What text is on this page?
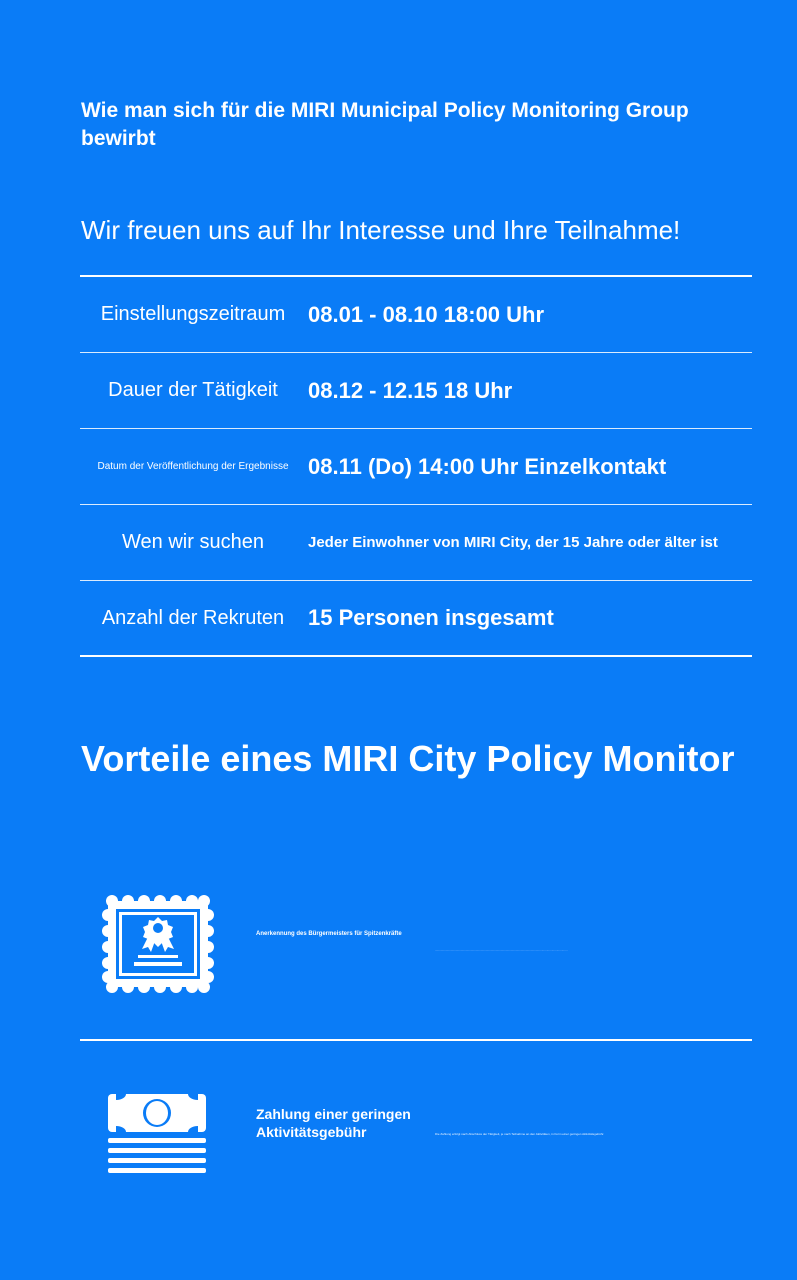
Wie man sich für die MIRI Municipal Policy Monitoring Group bewirbt
Wir freuen uns auf Ihr Interesse und Ihre Teilnahme!
Einstellungszeitraum	08.01 - 08.10 18:00 Uhr
Dauer der Tätigkeit	08.12 - 12.15 18 Uhr
Datum der Veröffentlichung der Ergebnisse 08.11 (Do) 14:00 Uhr Einzelkontakt
Wen wir suchen	Jeder Einwohner von MIRI City, der 15 Jahre oder älter ist
Anzahl der Rekruten	15 Personen insgesamt
Vorteile eines MIRI City Policy Monitor
Anerkennung des Bürgermeisters für Spitzenkräfte
...............................................................................................................................................................
Zahlung einer geringen Aktivitätsgebühr	Die Zahlung erfolgt nach Abschluss der Tätigkeit, je nach Teilnahme an den Aktivitäten, in Form einer geringen Aktivitätsgebühr.
